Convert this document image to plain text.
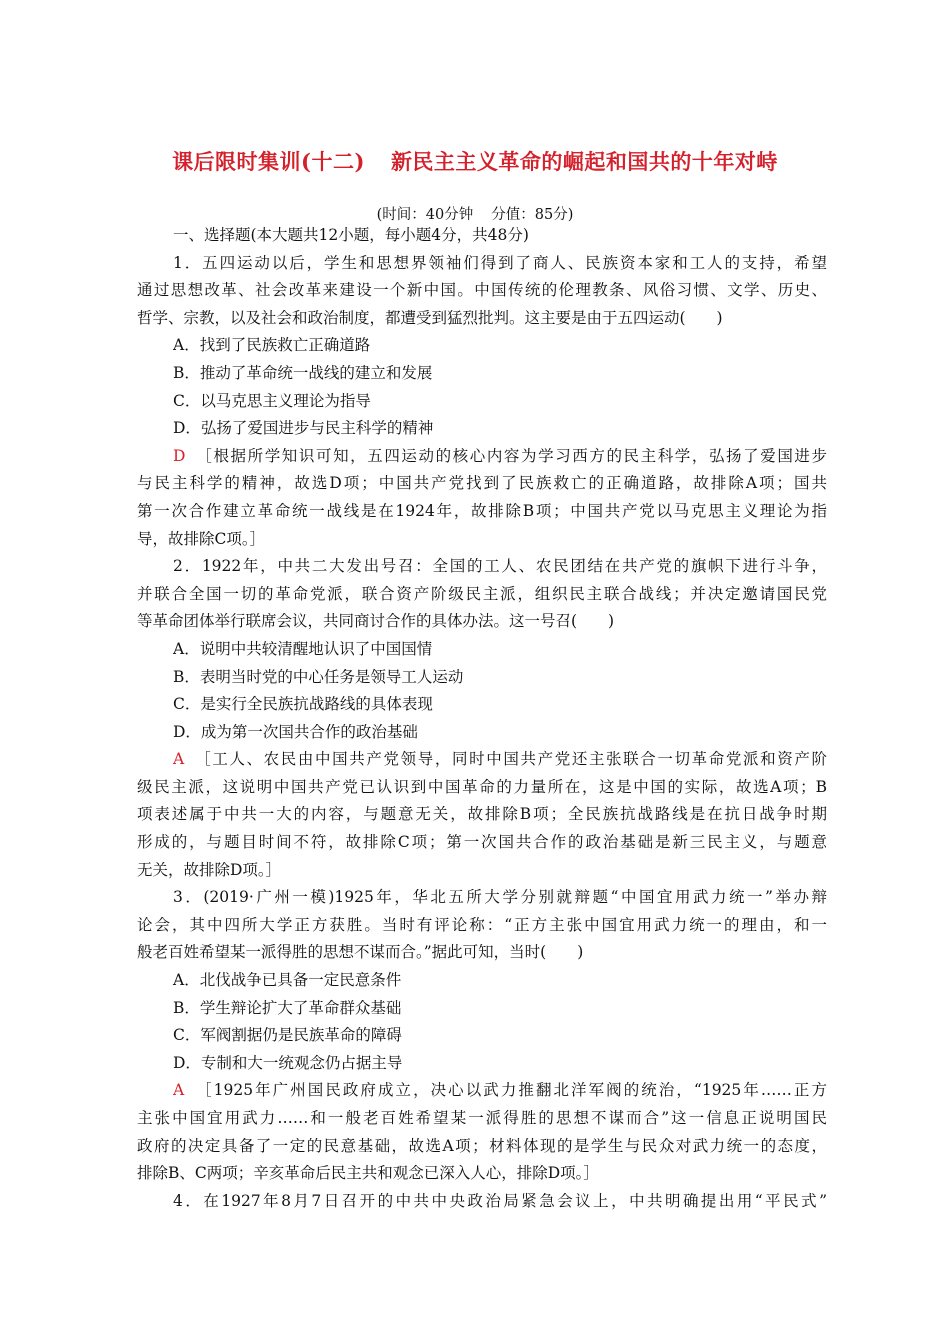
课后限时集训(十二) 新民主主义革命的崛起和国共的十年对峙
(时间：40分钟 分值：85分)
一、选择题(本大题共12小题，每小题4分，共48分)
1．五四运动以后，学生和思想界领袖们得到了商人、民族资本家和工人的支持，希望
通过思想改革、社会改革来建设一个新中国。中国传统的伦理教条、风俗习惯、文学、历史、
哲学、宗教，以及社会和政治制度，都遭受到猛烈批判。这主要是由于五四运动(　　)
A．找到了民族救亡正确道路
B．推动了革命统一战线的建立和发展
C．以马克思主义理论为指导
D．弘扬了爱国进步与民主科学的精神
D　 ［根据所学知识可知，五四运动的核心内容为学习西方的民主科学，弘扬了爱国进步
与民主科学的精神，故选D项；中国共产党找到了民族救亡的正确道路，故排除A项；国共
第一次合作建立革命统一战线是在1924年，故排除B项；中国共产党以马克思主义理论为指
导，故排除C项。］
2．1922年，中共二大发出号召：全国的工人、农民团结在共产党的旗帜下进行斗争，
并联合全国一切的革命党派，联合资产阶级民主派，组织民主联合战线；并决定邀请国民党
等革命团体举行联席会议，共同商讨合作的具体办法。这一号召(　　)
A．说明中共较清醒地认识了中国国情
B．表明当时党的中心任务是领导工人运动
C．是实行全民族抗战路线的具体表现
D．成为第一次国共合作的政治基础
A　 ［工人、农民由中国共产党领导，同时中国共产党还主张联合一切革命党派和资产阶
级民主派，这说明中国共产党已认识到中国革命的力量所在，这是中国的实际，故选A项；B
项表述属于中共一大的内容，与题意无关，故排除B项；全民族抗战路线是在抗日战争时期
形成的，与题目时间不符，故排除C项；第一次国共合作的政治基础是新三民主义，与题意
无关，故排除D项。］
3．(2019·广州一模)1925年，华北五所大学分别就辩题“中国宜用武力统一”举办辩
论会，其中四所大学正方获胜。当时有评论称：“正方主张中国宜用武力统一的理由，和一
般老百姓希望某一派得胜的思想不谋而合。”据此可知，当时(　　)
A．北伐战争已具备一定民意条件
B．学生辩论扩大了革命群众基础
C．军阀割据仍是民族革命的障碍
D．专制和大一统观念仍占据主导
A　 ［1925年广州国民政府成立，决心以武力推翻北洋军阀的统治，“1925年……正方
主张中国宜用武力……和一般老百姓希望某一派得胜的思想不谋而合”这一信息正说明国民
政府的决定具备了一定的民意基础，故选A项；材料体现的是学生与民众对武力统一的态度，
排除B、C两项；辛亥革命后民主共和观念已深入人心，排除D项。］
4．在1927年8月7日召开的中共中央政治局紧急会议上，中共明确提出用“平民式”
